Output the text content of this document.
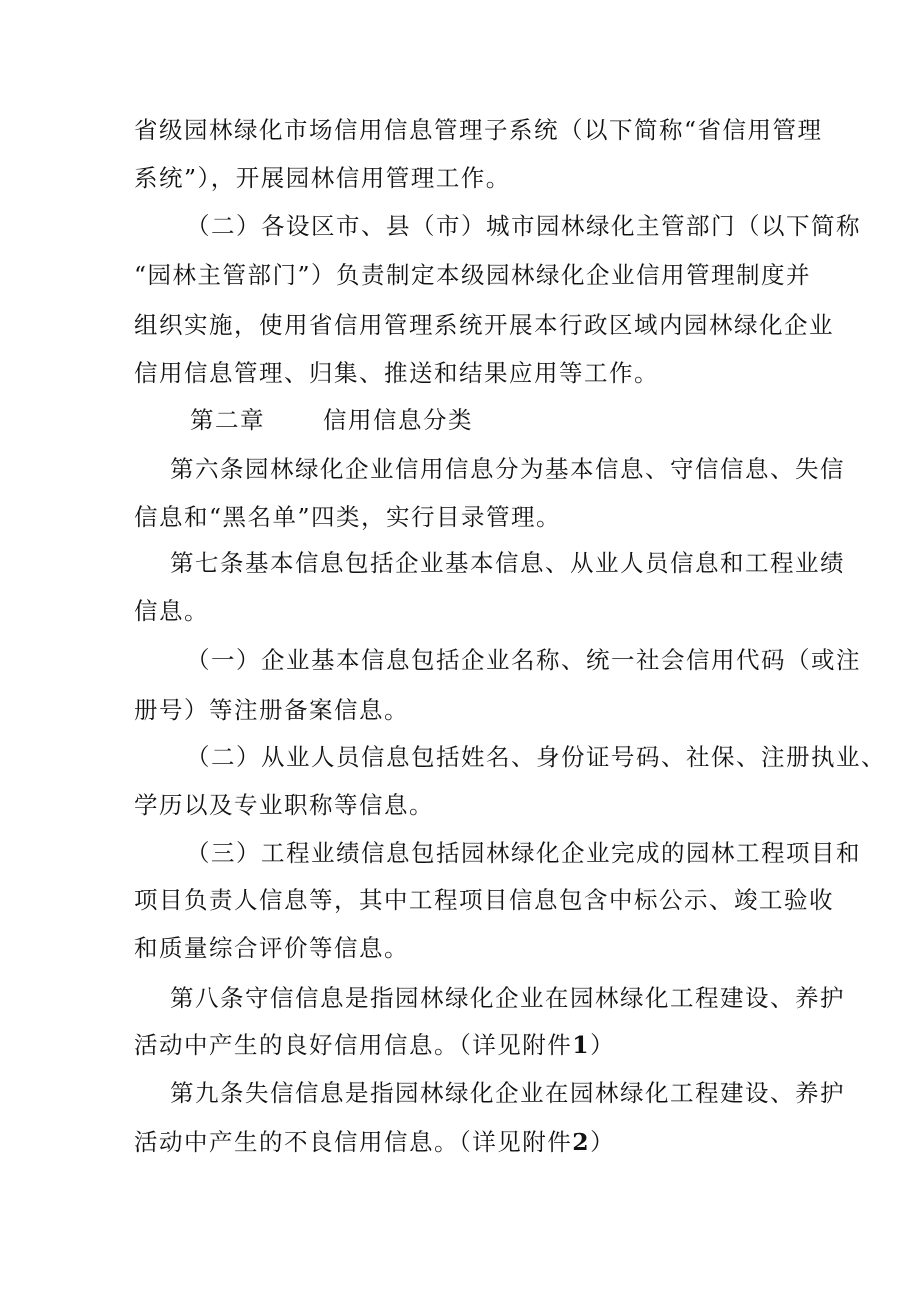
省级园林绿化市场信用信息管理子系统（以下简称“省信用管理
系统”），开展园林信用管理工作。
（二）各设区市、县（市）城市园林绿化主管部门（以下简称
“园林主管部门”）负责制定本级园林绿化企业信用管理制度并
组织实施，使用省信用管理系统开展本行政区域内园林绿化企业
信用信息管理、归集、推送和结果应用等工作。
第二章 信用信息分类
第六条园林绿化企业信用信息分为基本信息、守信信息、失信
信息和“黑名单”四类，实行目录管理。
第七条基本信息包括企业基本信息、从业人员信息和工程业绩
信息。
（一）企业基本信息包括企业名称、统一社会信用代码（或注
册号）等注册备案信息。
（二）从业人员信息包括姓名、身份证号码、社保、注册执业、
学历以及专业职称等信息。
（三）工程业绩信息包括园林绿化企业完成的园林工程项目和
项目负责人信息等，其中工程项目信息包含中标公示、竣工验收
和质量综合评价等信息。
第八条守信信息是指园林绿化企业在园林绿化工程建设、养护
活动中产生的良好信用信息。（详见附件1）
第九条失信信息是指园林绿化企业在园林绿化工程建设、养护
活动中产生的不良信用信息。（详见附件2）
